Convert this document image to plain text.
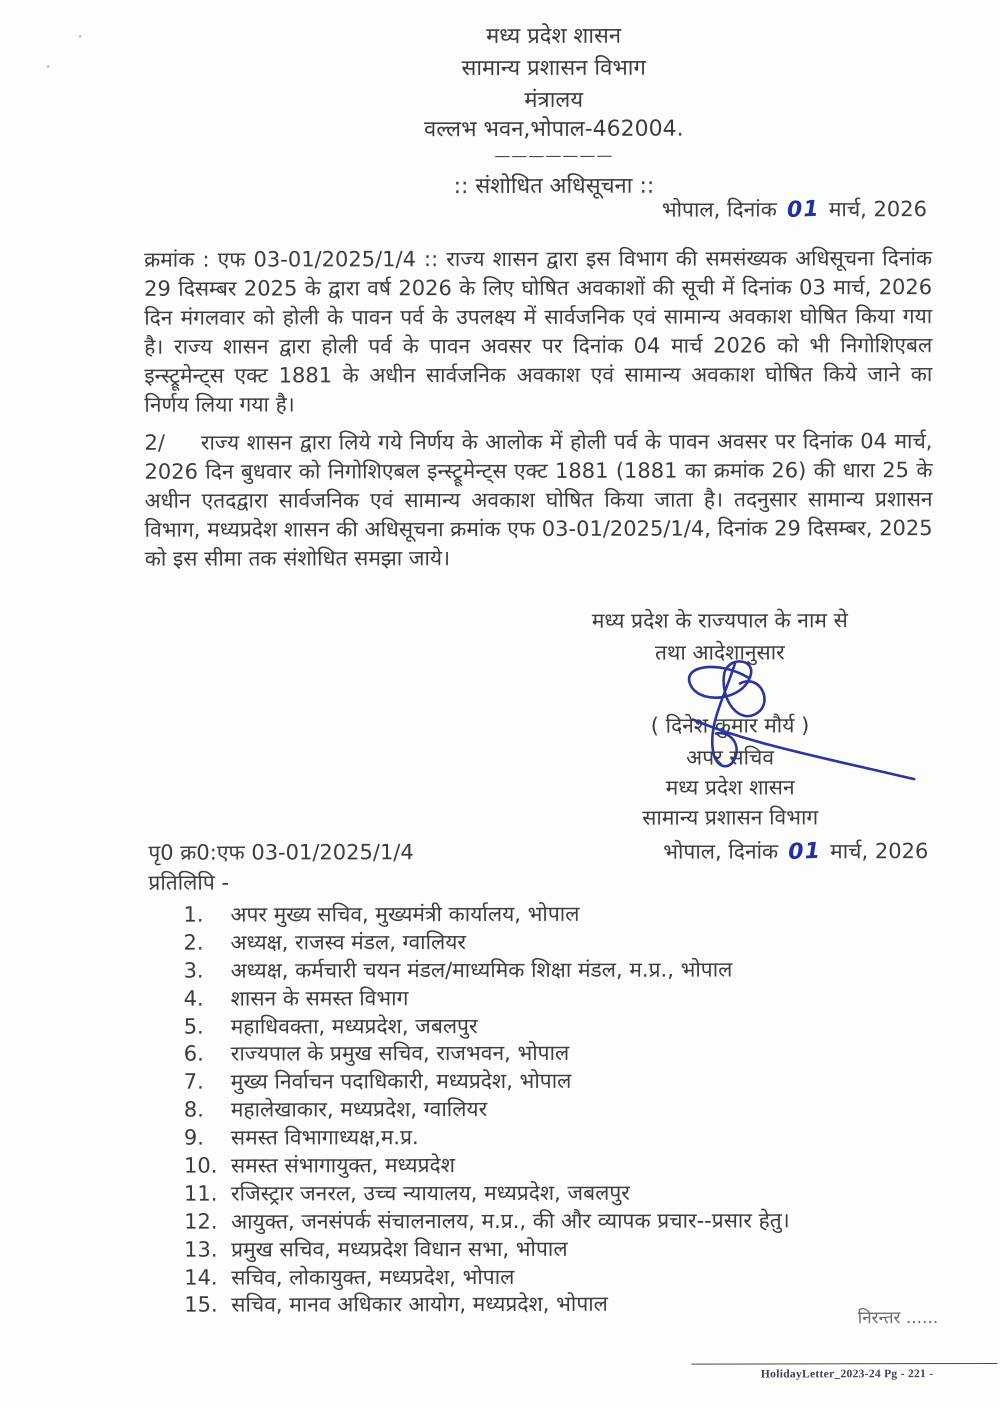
मध्य प्रदेश शासन
सामान्य प्रशासन विभाग
मंत्रालय
वल्लभ भवन,भोपाल-462004.
———————
:: संशोधित अधिसूचना ::
भोपाल, दिनांक 01 मार्च, 2026
क्रमांक : एफ 03-01/2025/1/4 :: राज्य शासन द्वारा इस विभाग की समसंख्यक अधिसूचना दिनांक 29 दिसम्बर 2025 के द्वारा वर्ष 2026 के लिए घोषित अवकाशों की सूची में दिनांक 03 मार्च, 2026 दिन मंगलवार को होली के पावन पर्व के उपलक्ष्य में सार्वजनिक एवं सामान्य अवकाश घोषित किया गया है। राज्य शासन द्वारा होली पर्व के पावन अवसर पर दिनांक 04 मार्च 2026 को भी निगोशिएबल इन्स्ट्रूमेन्ट्स एक्ट 1881 के अधीन सार्वजनिक अवकाश एवं सामान्य अवकाश घोषित किये जाने का निर्णय लिया गया है।
2/ राज्य शासन द्वारा लिये गये निर्णय के आलोक में होली पर्व के पावन अवसर पर दिनांक 04 मार्च, 2026 दिन बुधवार को निगोशिएबल इन्स्ट्रूमेन्ट्स एक्ट 1881 (1881 का क्रमांक 26) की धारा 25 के अधीन एतदद्वारा सार्वजनिक एवं सामान्य अवकाश घोषित किया जाता है। तदनुसार सामान्य प्रशासन विभाग, मध्यप्रदेश शासन की अधिसूचना क्रमांक एफ 03-01/2025/1/4, दिनांक 29 दिसम्बर, 2025 को इस सीमा तक संशोधित समझा जाये।
मध्य प्रदेश के राज्यपाल के नाम से
तथा आदेशानुसार
( दिनेश कुमार मौर्य )
अपर सचिव
मध्य प्रदेश शासन
सामान्य प्रशासन विभाग
पृ0 क्र0:एफ 03-01/2025/1/4	भोपाल, दिनांक 01 मार्च, 2026
प्रतिलिपि -
1.	अपर मुख्य सचिव, मुख्यमंत्री कार्यालय, भोपाल
2.	अध्यक्ष, राजस्व मंडल, ग्वालियर
3.	अध्यक्ष, कर्मचारी चयन मंडल/माध्यमिक शिक्षा मंडल, म.प्र., भोपाल
4.	शासन के समस्त विभाग
5.	महाधिवक्ता, मध्यप्रदेश, जबलपुर
6.	राज्यपाल के प्रमुख सचिव, राजभवन, भोपाल
7.	मुख्य निर्वाचन पदाधिकारी, मध्यप्रदेश, भोपाल
8.	महालेखाकार, मध्यप्रदेश, ग्वालियर
9.	समस्त विभागाध्यक्ष,म.प्र.
10. समस्त संभागायुक्त, मध्यप्रदेश
11. रजिस्ट्रार जनरल, उच्च न्यायालय, मध्यप्रदेश, जबलपुर
12. आयुक्त, जनसंपर्क संचालनालय, म.प्र., की और व्यापक प्रचार--प्रसार हेतु।
13. प्रमुख सचिव, मध्यप्रदेश विधान सभा, भोपाल
14. सचिव, लोकायुक्त, मध्यप्रदेश, भोपाल
15. सचिव, मानव अधिकार आयोग, मध्यप्रदेश, भोपाल
निरन्तर ......
HolidayLetter_2023-24 Pg - 221 -
